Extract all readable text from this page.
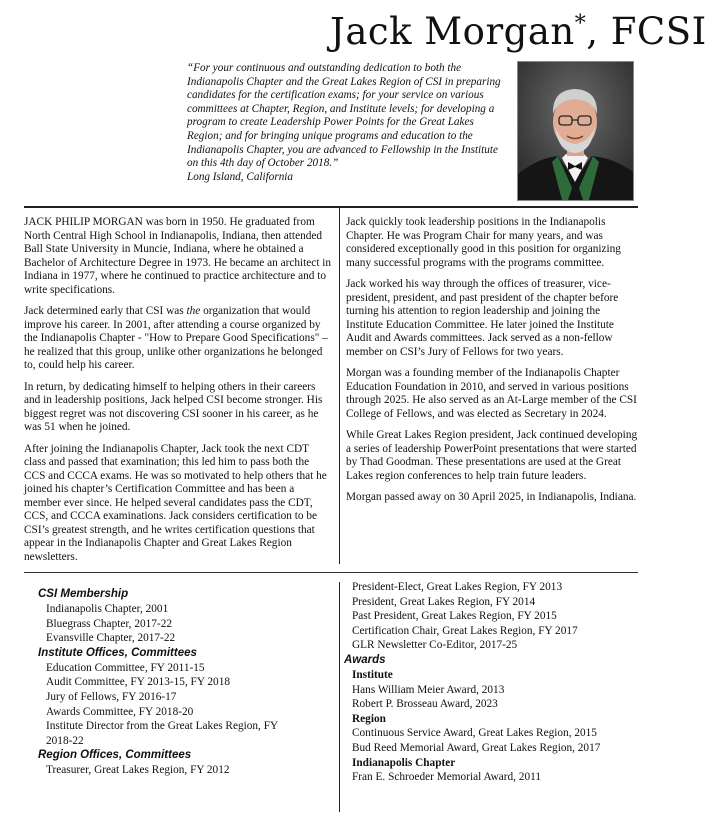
Jack Morgan*, FCSI

“For your continuous and outstanding dedication to both the Indianapolis Chapter and the Great Lakes Region of CSI in preparing candidates for the certification exams; for your service on various committees at Chapter, Region, and Institute levels; for developing a program to create Leadership Power Points for the Great Lakes Region; and for bringing unique programs and education to the Indianapolis Chapter, you are advanced to Fellowship in the Institute on this 4th day of October 2018.”
Long Island, California

JACK PHILIP MORGAN was born in 1950. He graduated from North Central High School in Indianapolis, Indiana, then attended Ball State University in Muncie, Indiana, where he obtained a Bachelor of Architecture Degree in 1973. He became an architect in Indiana in 1977, where he continued to practice architecture and to write specifications.

Jack determined early that CSI was the organization that would improve his career. In 2001, after attending a course organized by the Indianapolis Chapter - "How to Prepare Good Specifications" – he realized that this group, unlike other organizations he belonged to, could help his career.

In return, by dedicating himself to helping others in their careers and in leadership positions, Jack helped CSI become stronger. His biggest regret was not discovering CSI sooner in his career, as he was 51 when he joined.

After joining the Indianapolis Chapter, Jack took the next CDT class and passed that examination; this led him to pass both the CCS and CCCA exams. He was so motivated to help others that he joined his chapter’s Certification Committee and has been a member ever since. He helped several candidates pass the CDT, CCS, and CCCA examinations. Jack considers certification to be CSI’s greatest strength, and he writes certification questions that appear in the Indianapolis Chapter and Great Lakes Region newsletters.

Jack quickly took leadership positions in the Indianapolis Chapter. He was Program Chair for many years, and was considered exceptionally good in this position for organizing many successful programs with the programs committee.

Jack worked his way through the offices of treasurer, vice-president, president, and past president of the chapter before turning his attention to region leadership and joining the Institute Education Committee. He later joined the Institute Audit and Awards committees. Jack served as a non-fellow member on CSI’s Jury of Fellows for two years.

Morgan was a founding member of the Indianapolis Chapter Education Foundation in 2010, and served in various positions through 2025. He also served as an At-Large member of the CSI College of Fellows, and was elected as Secretary in 2024.

While Great Lakes Region president, Jack continued developing a series of leadership PowerPoint presentations that were started by Thad Goodman. These presentations are used at the Great Lakes region conferences to help train future leaders.

Morgan passed away on 30 April 2025, in Indianapolis, Indiana.

CSI Membership
Indianapolis Chapter, 2001
Bluegrass Chapter, 2017-22
Evansville Chapter, 2017-22
Institute Offices, Committees
Education Committee, FY 2011-15
Audit Committee, FY 2013-15, FY 2018
Jury of Fellows, FY 2016-17
Awards Committee, FY 2018-20
Institute Director from the Great Lakes Region, FY 2018-22
Region Offices, Committees
Treasurer, Great Lakes Region, FY 2012
President-Elect, Great Lakes Region, FY 2013
President, Great Lakes Region, FY 2014
Past President, Great Lakes Region, FY 2015
Certification Chair, Great Lakes Region, FY 2017
GLR Newsletter Co-Editor, 2017-25
Awards
Institute
Hans William Meier Award, 2013
Robert P. Brosseau Award, 2023
Region
Continuous Service Award, Great Lakes Region, 2015
Bud Reed Memorial Award, Great Lakes Region, 2017
Indianapolis Chapter
Fran E. Schroeder Memorial Award, 2011
